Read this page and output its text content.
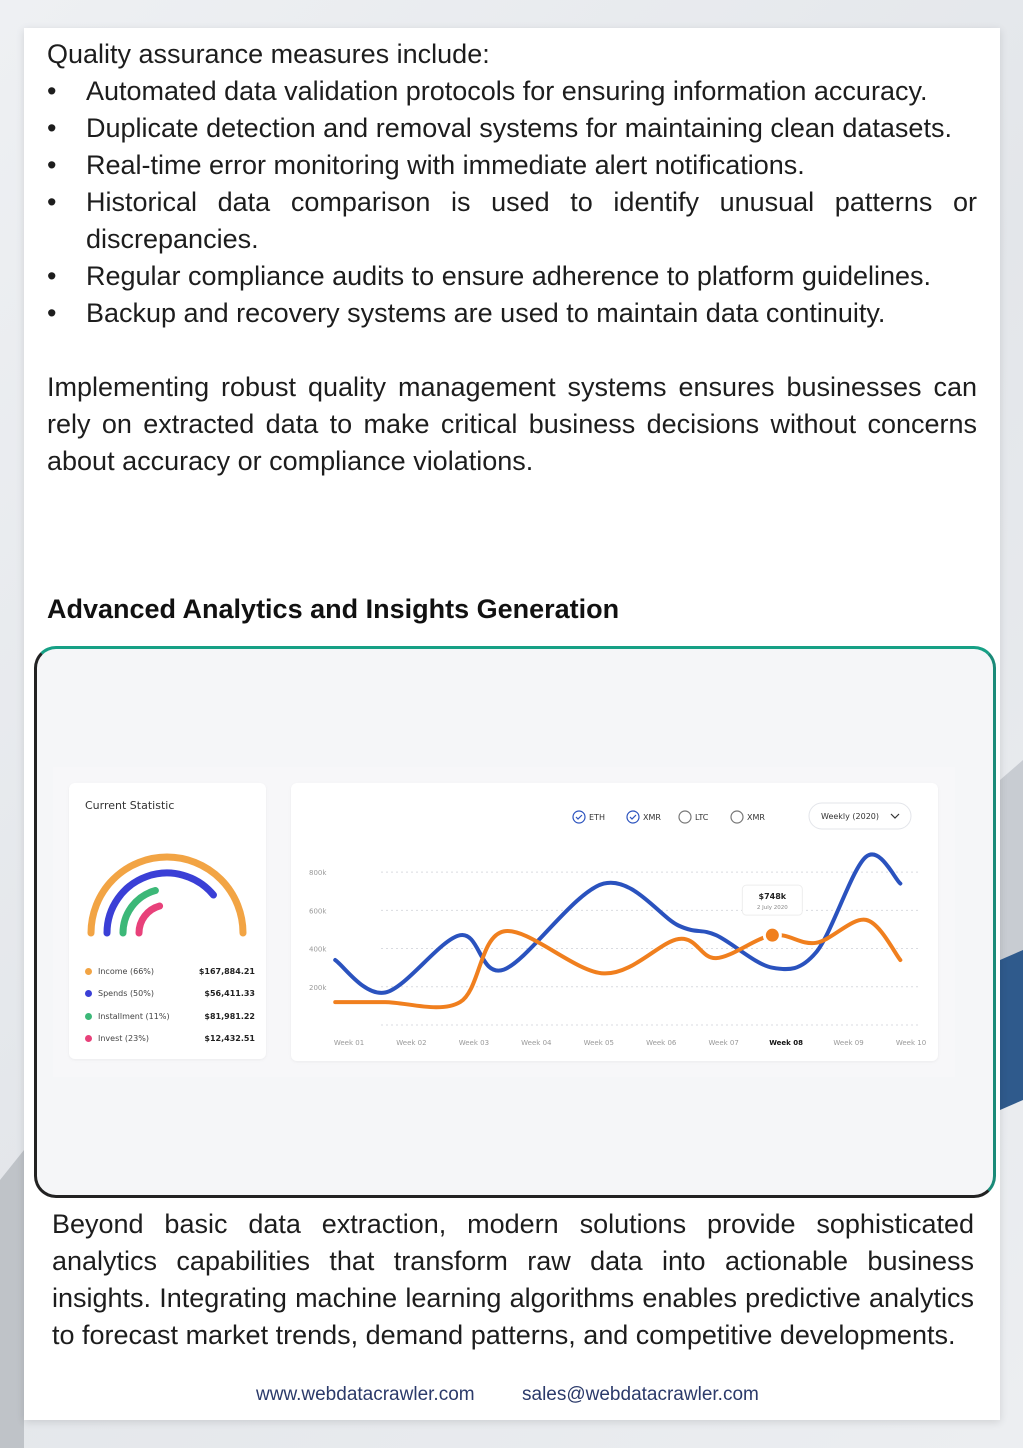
Quality assurance measures include:

• Automated data validation protocols for ensuring information accuracy.
• Duplicate detection and removal systems for maintaining clean datasets.
• Real-time error monitoring with immediate alert notifications.
• Historical data comparison is used to identify unusual patterns or discrepancies.
• Regular compliance audits to ensure adherence to platform guidelines.
• Backup and recovery systems are used to maintain data continuity.

Implementing robust quality management systems ensures businesses can rely on extracted data to make critical business decisions without concerns about accuracy or compliance violations.

Advanced Analytics and Insights Generation
Current Statistic
Income (66%)	$167,884.21
Spends (50%)	$56,411.33
Installment (11%)	$81,981.22
Invest (23%)	$12,432.51
ETH	XMR	LTC	XMR	Weekly (2020)
800k
600k
400k
200k
Week 01	Week 02	Week 03	Week 04	Week 05	Week 06	Week 07	Week 08	Week 09	Week 10
$748k
2 July 2020

Beyond basic data extraction, modern solutions provide sophisticated analytics capabilities that transform raw data into actionable business insights. Integrating machine learning algorithms enables predictive analytics to forecast market trends, demand patterns, and competitive developments.

www.webdatacrawler.com sales@webdatacrawler.com
